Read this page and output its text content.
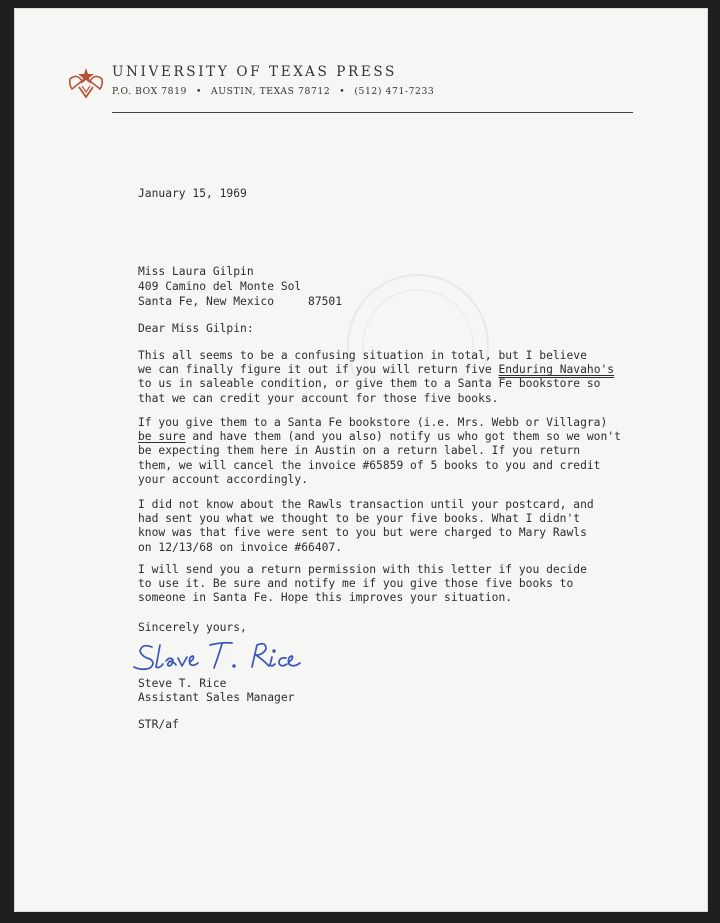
UNIVERSITY OF TEXAS PRESS
P.O. BOX 7819 • AUSTIN, TEXAS 78712 • (512) 471-7233
January 15, 1969
Miss Laura Gilpin
409 Camino del Monte Sol
Santa Fe, New Mexico     87501
Dear Miss Gilpin:
This all seems to be a confusing situation in total, but I believe
we can finally figure it out if you will return five Enduring Navaho's
to us in saleable condition, or give them to a Santa Fe bookstore so
that we can credit your account for those five books.
If you give them to a Santa Fe bookstore (i.e. Mrs. Webb or Villagra)
be sure and have them (and you also) notify us who got them so we won't
be expecting them here in Austin on a return label. If you return
them, we will cancel the invoice #65859 of 5 books to you and credit
your account accordingly.
I did not know about the Rawls transaction until your postcard, and
had sent you what we thought to be your five books. What I didn't
know was that five were sent to you but were charged to Mary Rawls
on 12/13/68 on invoice #66407.
I will send you a return permission with this letter if you decide
to use it. Be sure and notify me if you give those five books to
someone in Santa Fe. Hope this improves your situation.
Sincerely yours,
Steve T. Rice
Assistant Sales Manager
STR/af
